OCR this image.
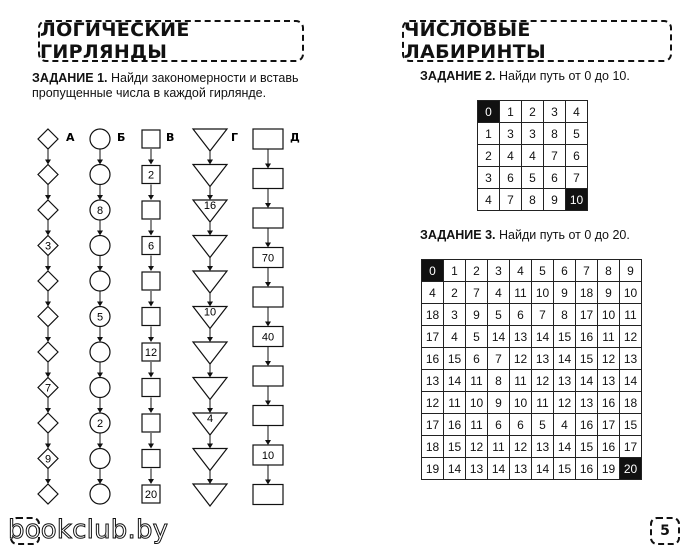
ЛОГИЧЕСКИЕ ГИРЛЯНДЫ
ЗАДАНИЕ 1. Найди закономерности и вставь пропущенные числа в каждой гирлянде.
А
3
7
9
Б
8
5
2
В
2
6
12
20
Г
16
10
4
Д
70
40
10
ЧИСЛОВЫЕ ЛАБИРИНТЫ
ЗАДАНИЕ 2. Найди путь от 0 до 10.
0	1	2	3	4
1	3	3	8	5
2	4	4	7	6
3	6	5	6	7
4	7	8	9	10
ЗАДАНИЕ 3. Найди путь от 0 до 20.
0	1	2	3	4	5	6	7	8	9
4	2	7	4	11	10	9	18	9	10
18	3	9	5	6	7	8	17	10	11
17	4	5	14	13	14	15	16	11	12
16	15	6	7	12	13	14	15	12	13
13	14	11	8	11	12	13	14	13	14
12	11	10	9	10	11	12	13	16	18
17	16	11	6	6	5	4	16	17	15
18	15	12	11	12	13	14	15	16	17
19	14	13	14	13	14	15	16	19	20
bookclub.by	5
